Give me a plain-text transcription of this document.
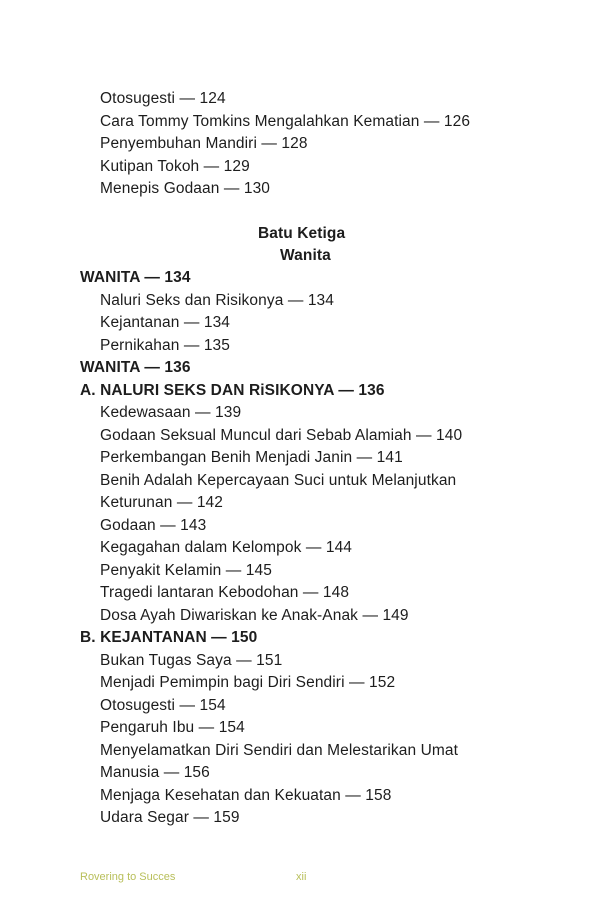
Otosugesti — 124
Cara Tommy Tomkins Mengalahkan Kematian — 126
Penyembuhan Mandiri — 128
Kutipan Tokoh — 129
Menepis Godaan — 130
Batu Ketiga
Wanita
WANITA — 134
Naluri Seks dan Risikonya — 134
Kejantanan — 134
Pernikahan — 135
WANITA — 136
A. NALURI SEKS DAN RiSIKONYA — 136
Kedewasaan — 139
Godaan Seksual Muncul dari Sebab Alamiah — 140
Perkembangan Benih Menjadi Janin — 141
Benih Adalah Kepercayaan Suci untuk Melanjutkan
Keturunan — 142
Godaan — 143
Kegagahan dalam Kelompok — 144
Penyakit Kelamin — 145
Tragedi lantaran Kebodohan — 148
Dosa Ayah Diwariskan ke Anak-Anak — 149
B. KEJANTANAN — 150
Bukan Tugas Saya — 151
Menjadi Pemimpin bagi Diri Sendiri — 152
Otosugesti — 154
Pengaruh Ibu — 154
Menyelamatkan Diri Sendiri dan Melestarikan Umat
Manusia — 156
Menjaga Kesehatan dan Kekuatan — 158
Udara Segar — 159
Rovering to Succes	xii
